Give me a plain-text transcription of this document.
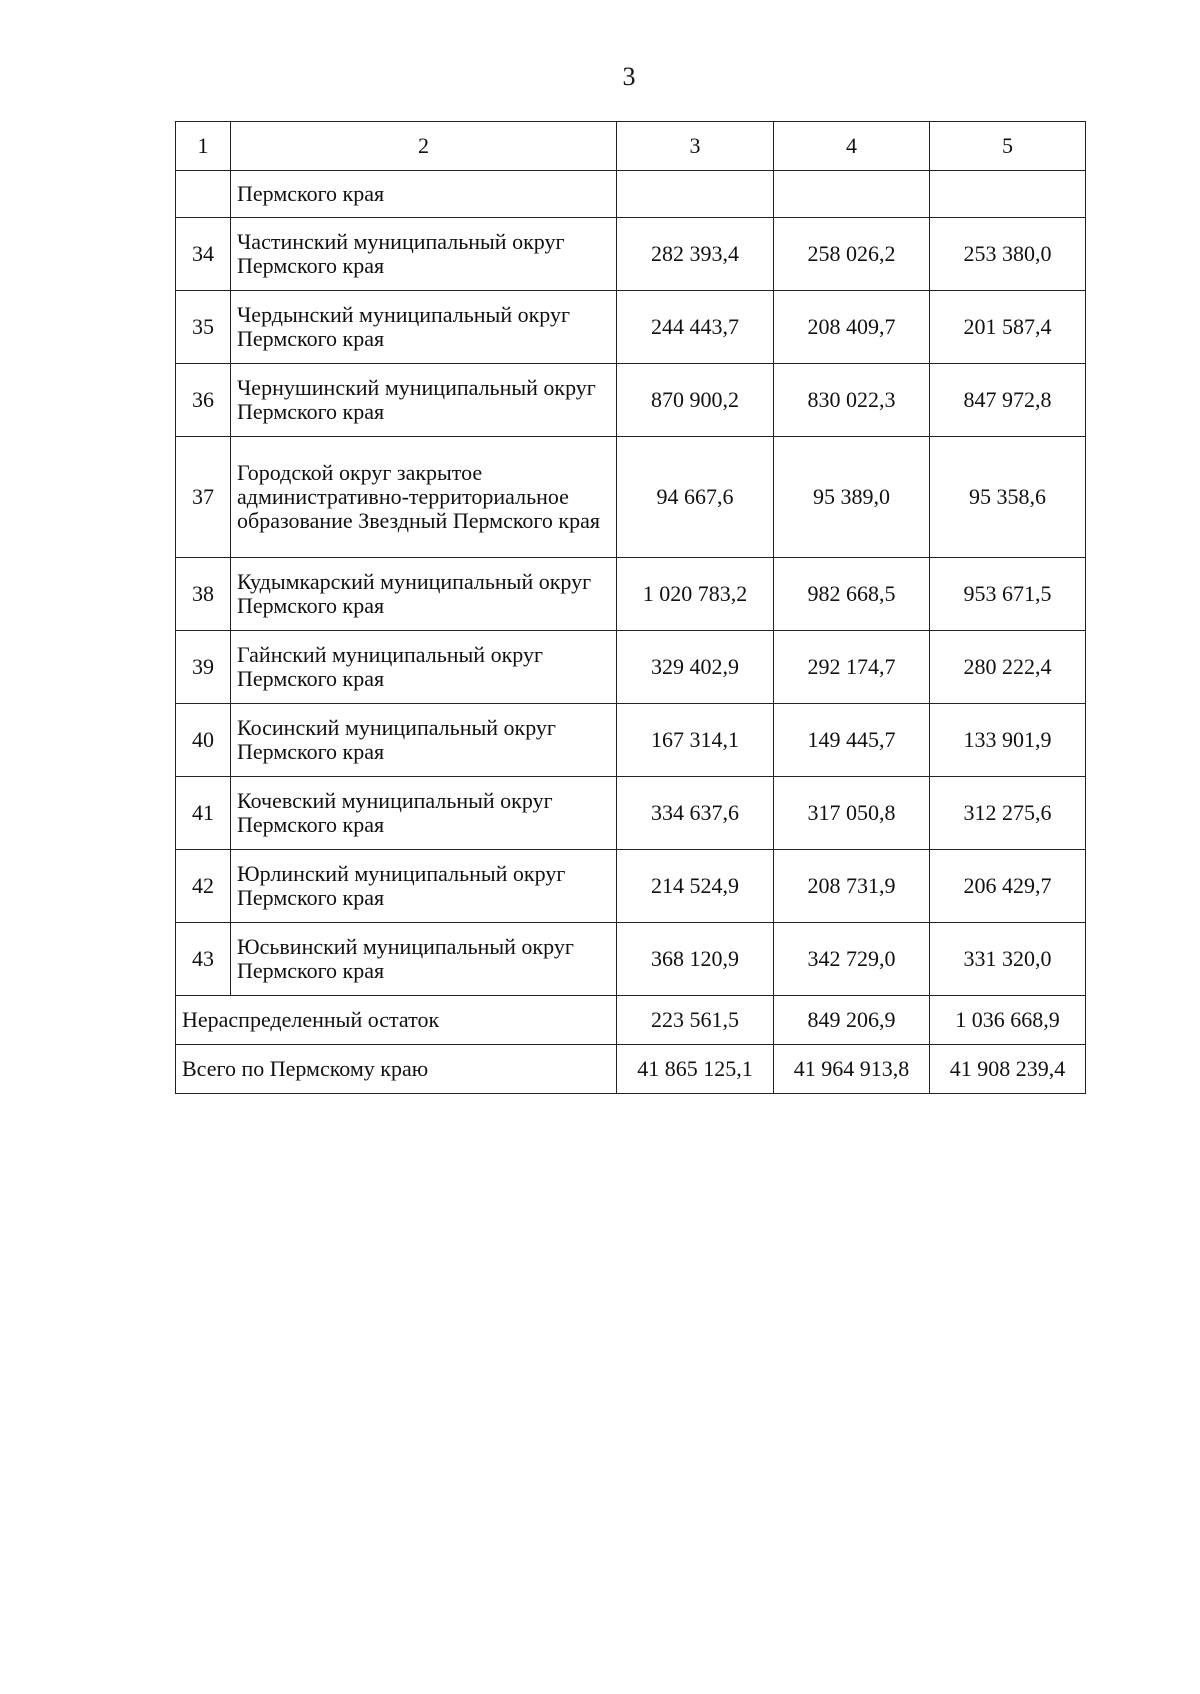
3
1	2	3	4	5
	Пермского края			
34	Частинский муниципальный округ Пермского края	282 393,4	258 026,2	253 380,0
35	Чердынский муниципальный округ Пермского края	244 443,7	208 409,7	201 587,4
36	Чернушинский муниципальный округ Пермского края	870 900,2	830 022,3	847 972,8
37	Городской округ закрытое административно-территориальное образование Звездный Пермского края	94 667,6	95 389,0	95 358,6
38	Кудымкарский муниципальный округ Пермского края	1 020 783,2	982 668,5	953 671,5
39	Гайнский муниципальный округ Пермского края	329 402,9	292 174,7	280 222,4
40	Косинский муниципальный округ Пермского края	167 314,1	149 445,7	133 901,9
41	Кочевский муниципальный округ Пермского края	334 637,6	317 050,8	312 275,6
42	Юрлинский муниципальный округ Пермского края	214 524,9	208 731,9	206 429,7
43	Юсьвинский муниципальный округ Пермского края	368 120,9	342 729,0	331 320,0
Нераспределенный остаток		223 561,5	849 206,9	1 036 668,9
Всего по Пермскому краю		41 865 125,1	41 964 913,8	41 908 239,4
